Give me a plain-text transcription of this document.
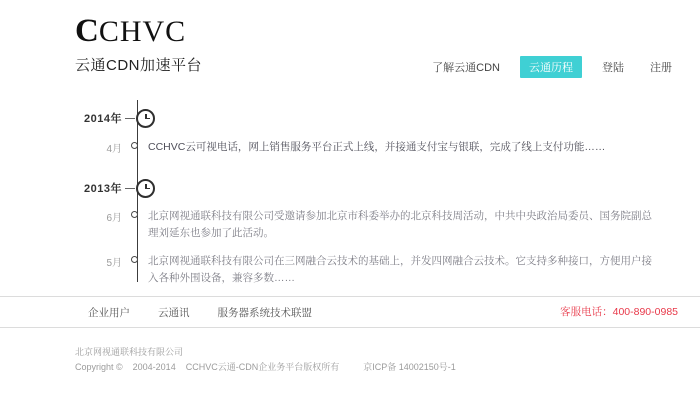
CCHVC
云通CDN加速平台	了解云通CDN	云通历程	登陆	注册
2014年
4月 CCHVC云可视电话，网上销售服务平台正式上线，并接通支付宝与银联，完成了线上支付功能……
2013年
6月 北京网视通联科技有限公司受邀请参加北京市科委举办的北京科技周活动，中共中央政治局委员、国务院副总理刘延东也参加了此活动。
5月 北京网视通联科技有限公司在三网融合云技术的基础上，并发四网融合云技术。它支持多种接口，方便用户接入各种外围设备，兼容多数……
企业用户	云通讯	服务器系统技术联盟	客服电话：400-890-0985
北京网视通联科技有限公司
Copyright © 2004-2014 CCHVC云通-CDN企业务平台版权所有	京ICP备 14002150号-1
